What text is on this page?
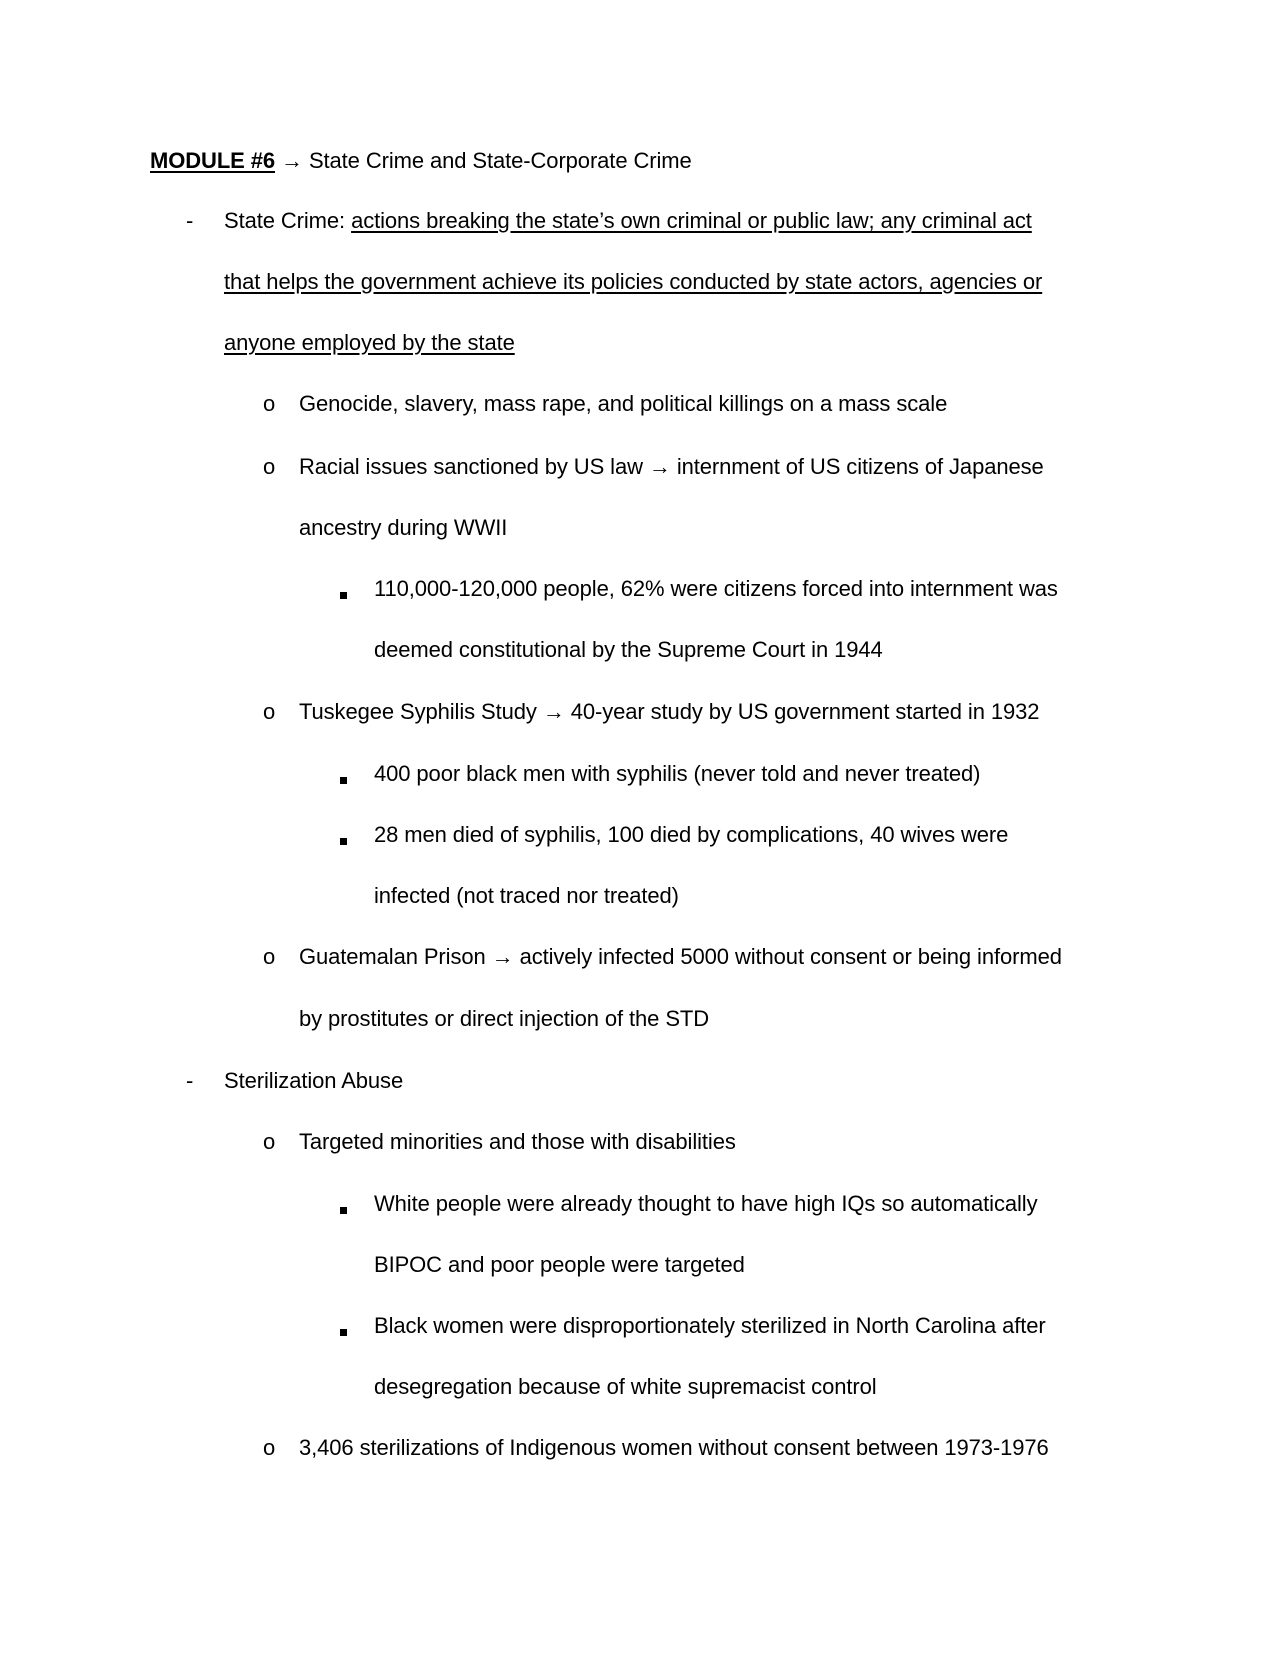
MODULE #6 → State Crime and State-Corporate Crime
- State Crime: actions breaking the state’s own criminal or public law; any criminal act
that helps the government achieve its policies conducted by state actors, agencies or
anyone employed by the state
o Genocide, slavery, mass rape, and political killings on a mass scale
o Racial issues sanctioned by US law → internment of US citizens of Japanese
ancestry during WWII
110,000-120,000 people, 62% were citizens forced into internment was
deemed constitutional by the Supreme Court in 1944
o Tuskegee Syphilis Study → 40-year study by US government started in 1932
400 poor black men with syphilis (never told and never treated)
28 men died of syphilis, 100 died by complications, 40 wives were
infected (not traced nor treated)
o Guatemalan Prison → actively infected 5000 without consent or being informed
by prostitutes or direct injection of the STD
- Sterilization Abuse
o Targeted minorities and those with disabilities
White people were already thought to have high IQs so automatically
BIPOC and poor people were targeted
Black women were disproportionately sterilized in North Carolina after
desegregation because of white supremacist control
o 3,406 sterilizations of Indigenous women without consent between 1973-1976
